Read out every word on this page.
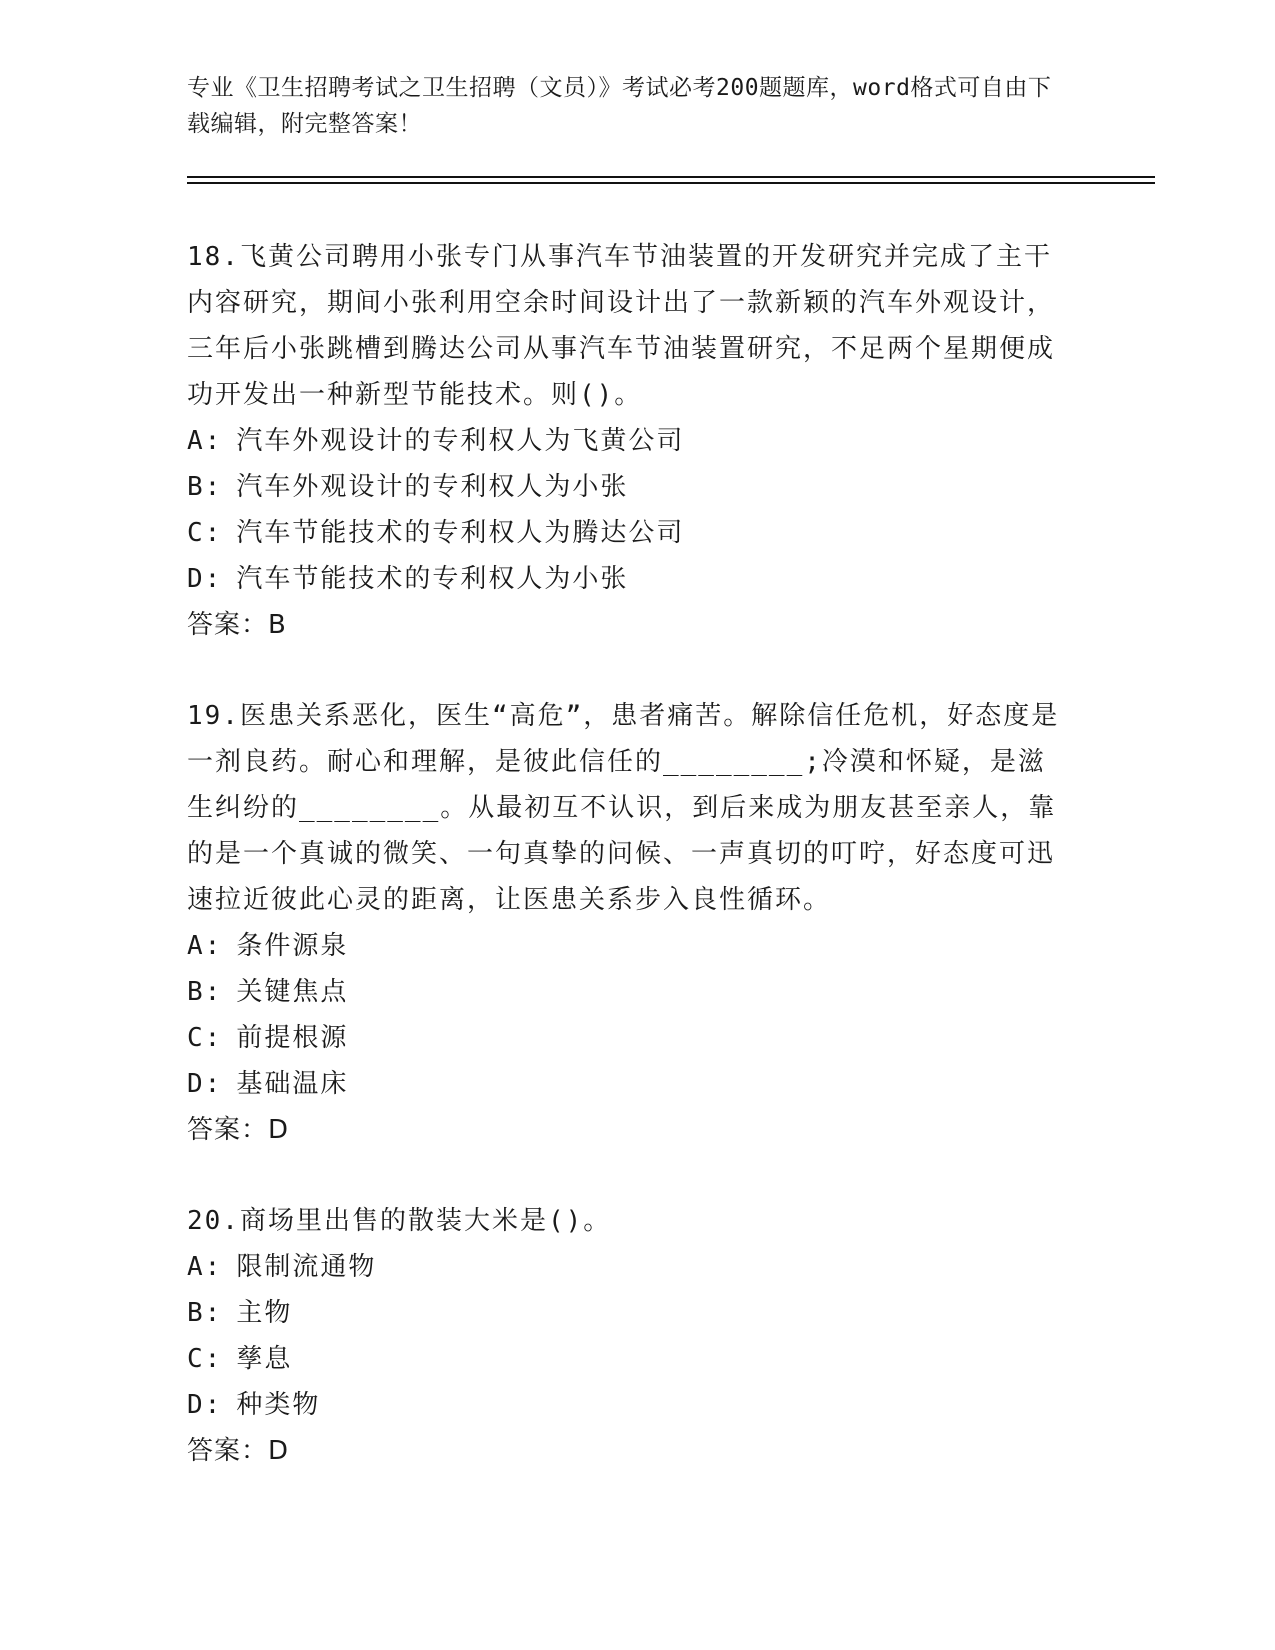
专业《卫生招聘考试之卫生招聘（文员）》考试必考200题题库，word格式可自由下载编辑，附完整答案！

18.飞黄公司聘用小张专门从事汽车节油装置的开发研究并完成了主干内容研究，期间小张利用空余时间设计出了一款新颖的汽车外观设计，三年后小张跳槽到腾达公司从事汽车节油装置研究，不足两个星期便成功开发出一种新型节能技术。则()。

A: 汽车外观设计的专利权人为飞黄公司

B: 汽车外观设计的专利权人为小张

C: 汽车节能技术的专利权人为腾达公司

D: 汽车节能技术的专利权人为小张

答案：B

19.医患关系恶化，医生“高危”，患者痛苦。解除信任危机，好态度是一剂良药。耐心和理解，是彼此信任的________;冷漠和怀疑，是滋生纠纷的________。从最初互不认识，到后来成为朋友甚至亲人，靠的是一个真诚的微笑、一句真挚的问候、一声真切的叮咛，好态度可迅速拉近彼此心灵的距离，让医患关系步入良性循环。

A: 条件源泉

B: 关键焦点

C: 前提根源

D: 基础温床

答案：D

20.商场里出售的散装大米是()。

A: 限制流通物

B: 主物

C: 孳息

D: 种类物

答案：D
